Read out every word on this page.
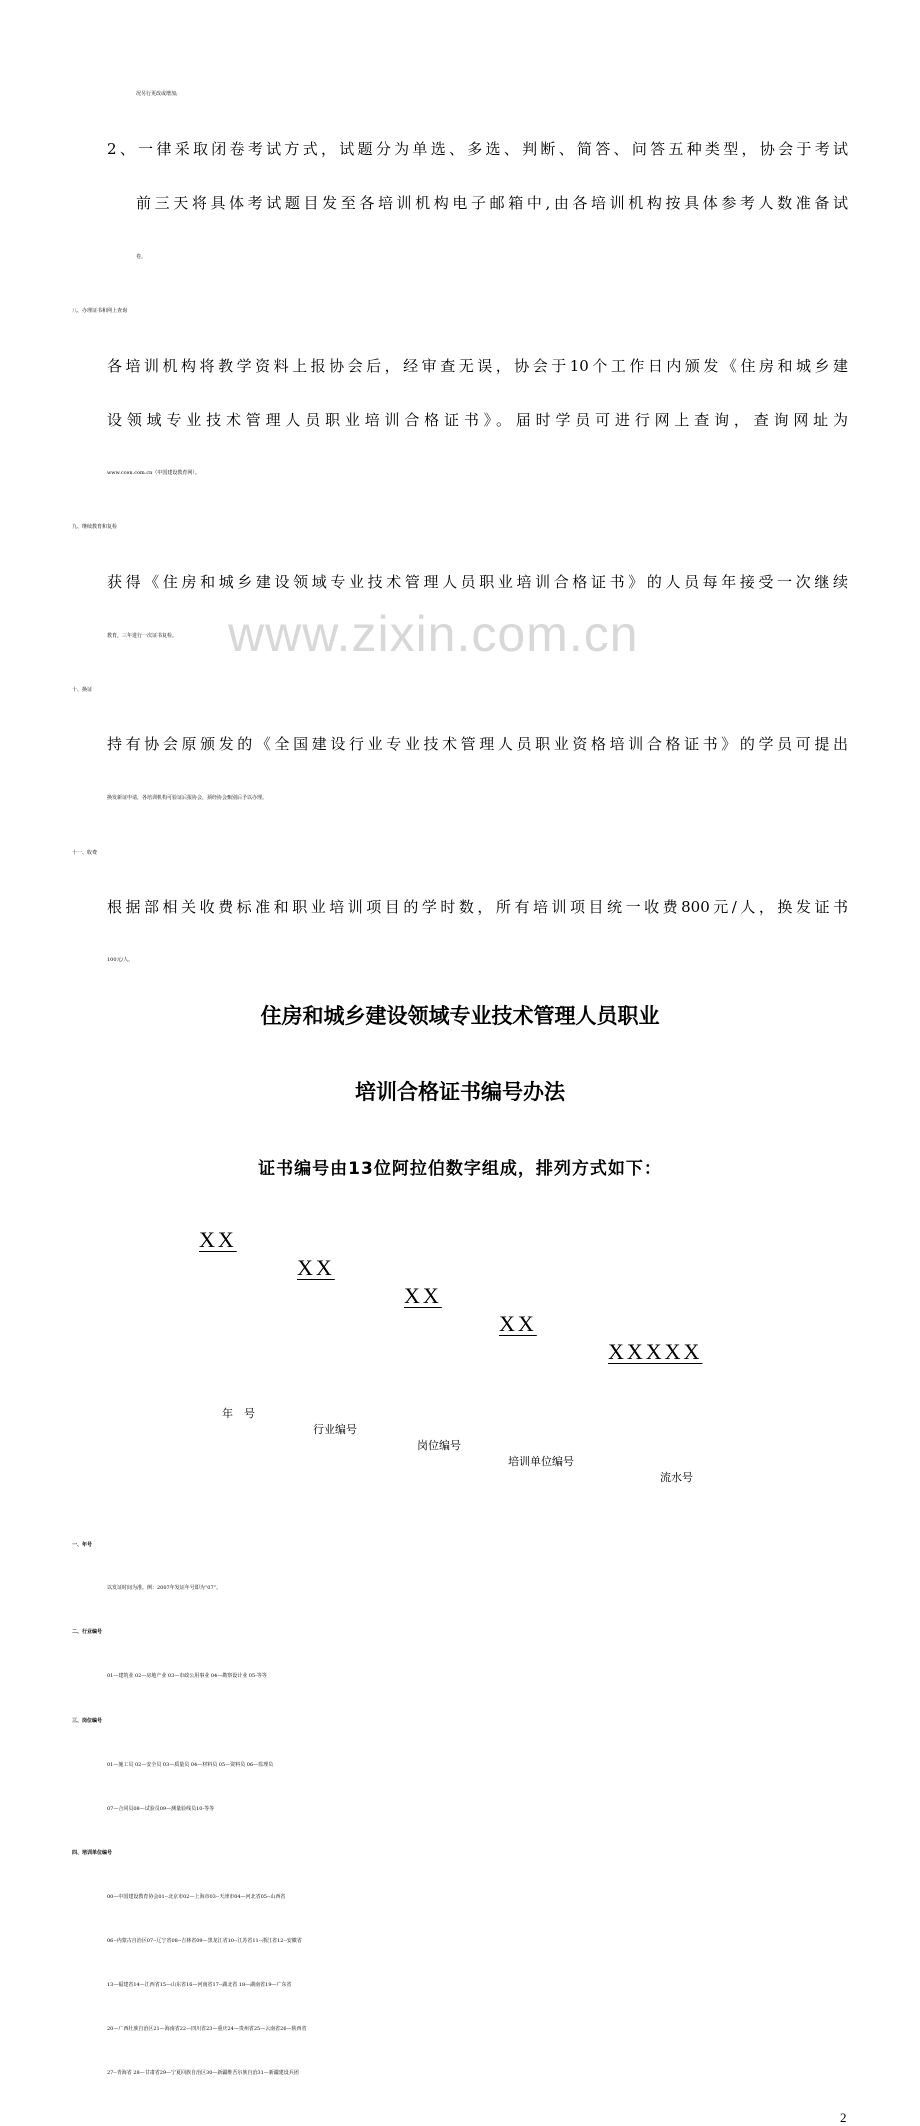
www.zixin.com.cn
况另行更改或增加;
2、一律采取闭卷考试方式，试题分为单选、多选、判断、简答、问答五种类型，协会于考试
前三天将具体考试题目发至各培训机构电子邮箱中,由各培训机构按具体参考人数准备试
卷。
八、办理证书和网上查询
各培训机构将教学资料上报协会后，经审查无误，协会于10个工作日内颁发《住房和城乡建
设领域专业技术管理人员职业培训合格证书》。届时学员可进行网上查询，查询网址为
www.ccen.com.cn（中国建设教育网）。
九、继续教育和复检
获得《住房和城乡建设领域专业技术管理人员职业培训合格证书》的人员每年接受一次继续
教育，三年进行一次证书复检。
十、换证
持有协会原颁发的《全国建设行业专业技术管理人员职业资格培训合格证书》的学员可提出
换发新证申请，各培训机构可验证后报协会，须经协会甄别后予以办理。
十一、收费
根据部相关收费标准和职业培训项目的学时数，所有培训项目统一收费800元/人，换发证书
100元/人。
住房和城乡建设领域专业技术管理人员职业
培训合格证书编号办法
证书编号由13位阿拉伯数字组成，排列方式如下：
XX
XX
XX
XX
XXXXX
年　号
行业编号
岗位编号
培训单位编号
流水号
一、年号
以发证时间为准。例：2007年发证年号即为“07”。
二、行业编号
01—建筑业 02—房地产业 03—市政公用事业 04—勘察设计业 05-等等
三、岗位编号
01—施工员 02—安全员 03—质量员 04—材料员 05—资料员 06—监理员
07—合同员08—试验员09—测量验线员10-等等
四、培训单位编号
00—中国建设教育协会01--北京市02—上海市03--天津市04—河北省05--山西省
06--内蒙古自治区07--辽宁省08--吉林省09—黑龙江省10--江苏省11--浙江省12--安徽省
13—福建省14—江西省15—山东省16—河南省17--湖北省 18—湖南省19—广东省
20—广西壮族自治区21—海南省22—四川省23—重庆24—贵州省25—云南省26—陕西省
27--青海省 28—甘肃省29—宁夏回族自治区30—新疆维吾尔族自治31—新疆建设兵团
2
